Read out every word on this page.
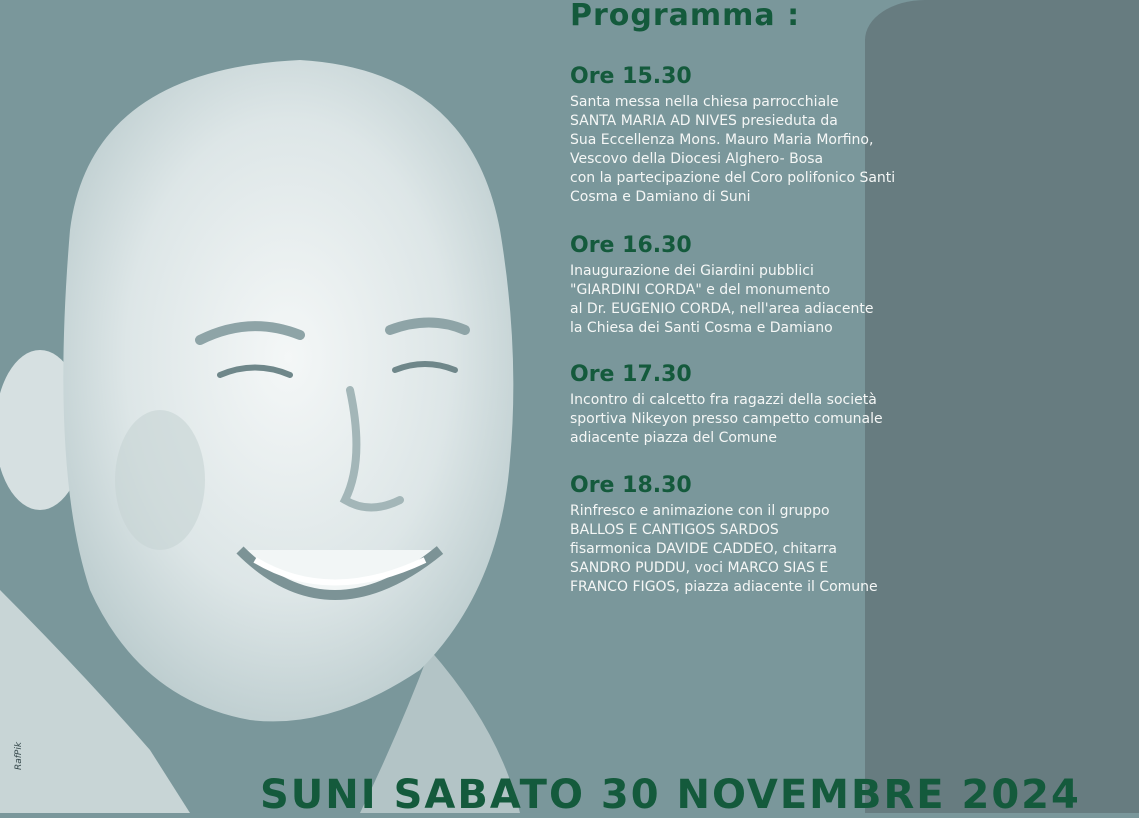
Programma :
Ore 15.30
Santa messa nella chiesa parrocchiale
SANTA MARIA AD NIVES presieduta da
Sua Eccellenza Mons. Mauro Maria Morfino,
Vescovo della Diocesi Alghero- Bosa
con la partecipazione del Coro polifonico Santi
Cosma e Damiano di Suni
Ore 16.30
Inaugurazione dei Giardini pubblici
"GIARDINI CORDA" e del monumento
al Dr. EUGENIO CORDA, nell'area adiacente
la Chiesa dei Santi Cosma e Damiano
Ore 17.30
Incontro di calcetto fra ragazzi della società
sportiva Nikeyon presso campetto comunale
adiacente piazza del Comune
Ore 18.30
Rinfresco e animazione con il gruppo
BALLOS E CANTIGOS SARDOS
fisarmonica DAVIDE CADDEO, chitarra
SANDRO PUDDU, voci MARCO SIAS E
FRANCO FIGOS, piazza adiacente il Comune
SUNI SABATO 30 NOVEMBRE 2024
RafPik
